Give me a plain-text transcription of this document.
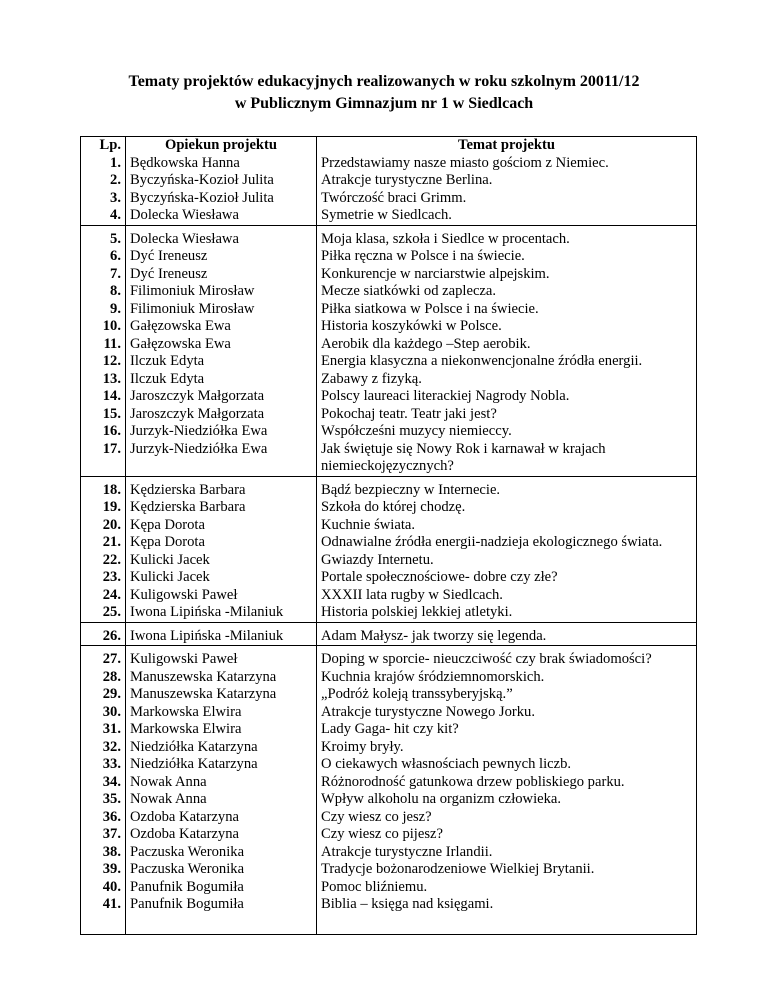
Tematy projektów edukacyjnych realizowanych w roku szkolnym 20011/12
w Publicznym Gimnazjum nr 1 w Siedlcach
Lp.	Opiekun projektu	Temat projektu
1.	Będkowska Hanna	Przedstawiamy nasze miasto gościom z Niemiec.
2.	Byczyńska-Kozioł Julita	Atrakcje turystyczne Berlina.
3.	Byczyńska-Kozioł Julita	Twórczość braci Grimm.
4.	Dolecka Wiesława	Symetrie w Siedlcach.
5.	Dolecka Wiesława	Moja klasa, szkoła i Siedlce w procentach.
6.	Dyć Ireneusz	Piłka ręczna w Polsce i na świecie.
7.	Dyć Ireneusz	Konkurencje w narciarstwie alpejskim.
8.	Filimoniuk Mirosław	Mecze siatkówki od zaplecza.
9.	Filimoniuk Mirosław	Piłka siatkowa w Polsce i na świecie.
10.	Gałęzowska Ewa	Historia koszykówki w Polsce.
11.	Gałęzowska Ewa	Aerobik dla każdego –Step aerobik.
12.	Ilczuk Edyta	Energia klasyczna a niekonwencjonalne źródła energii.
13.	Ilczuk Edyta	Zabawy z fizyką.
14.	Jaroszczyk Małgorzata	Polscy laureaci literackiej Nagrody Nobla.
15.	Jaroszczyk Małgorzata	Pokochaj teatr. Teatr jaki jest?
16.	Jurzyk-Niedziółka Ewa	Współcześni muzycy niemieccy.
17.	Jurzyk-Niedziółka Ewa	Jak świętuje się Nowy Rok i karnawał w krajach niemieckojęzycznych?
18.	Kędzierska Barbara	Bądź bezpieczny w Internecie.
19.	Kędzierska Barbara	Szkoła do której chodzę.
20.	Kępa Dorota	Kuchnie świata.
21.	Kępa Dorota	Odnawialne źródła energii-nadzieja ekologicznego świata.
22.	Kulicki Jacek	Gwiazdy Internetu.
23.	Kulicki Jacek	Portale społecznościowe- dobre czy złe?
24.	Kuligowski Paweł	XXXII lata rugby w Siedlcach.
25.	Iwona Lipińska -Milaniuk	Historia polskiej lekkiej atletyki.
26.	Iwona Lipińska -Milaniuk	Adam Małysz- jak tworzy się legenda.
27.	Kuligowski Paweł	Doping w sporcie- nieuczciwość czy brak świadomości?
28.	Manuszewska Katarzyna	Kuchnia krajów śródziemnomorskich.
29.	Manuszewska Katarzyna	„Podróż koleją transsyberyjską.”
30.	Markowska Elwira	Atrakcje turystyczne Nowego Jorku.
31.	Markowska Elwira	Lady Gaga- hit czy kit?
32.	Niedziółka Katarzyna	Kroimy bryły.
33.	Niedziółka Katarzyna	O ciekawych własnościach pewnych liczb.
34.	Nowak Anna	Różnorodność gatunkowa drzew pobliskiego parku.
35.	Nowak Anna	Wpływ alkoholu na organizm człowieka.
36.	Ozdoba Katarzyna	Czy wiesz co jesz?
37.	Ozdoba Katarzyna	Czy wiesz co pijesz?
38.	Paczuska Weronika	Atrakcje turystyczne Irlandii.
39.	Paczuska Weronika	Tradycje bożonarodzeniowe Wielkiej Brytanii.
40.	Panufnik Bogumiła	Pomoc bliźniemu.
41.	Panufnik Bogumiła	Biblia – księga nad księgami.
